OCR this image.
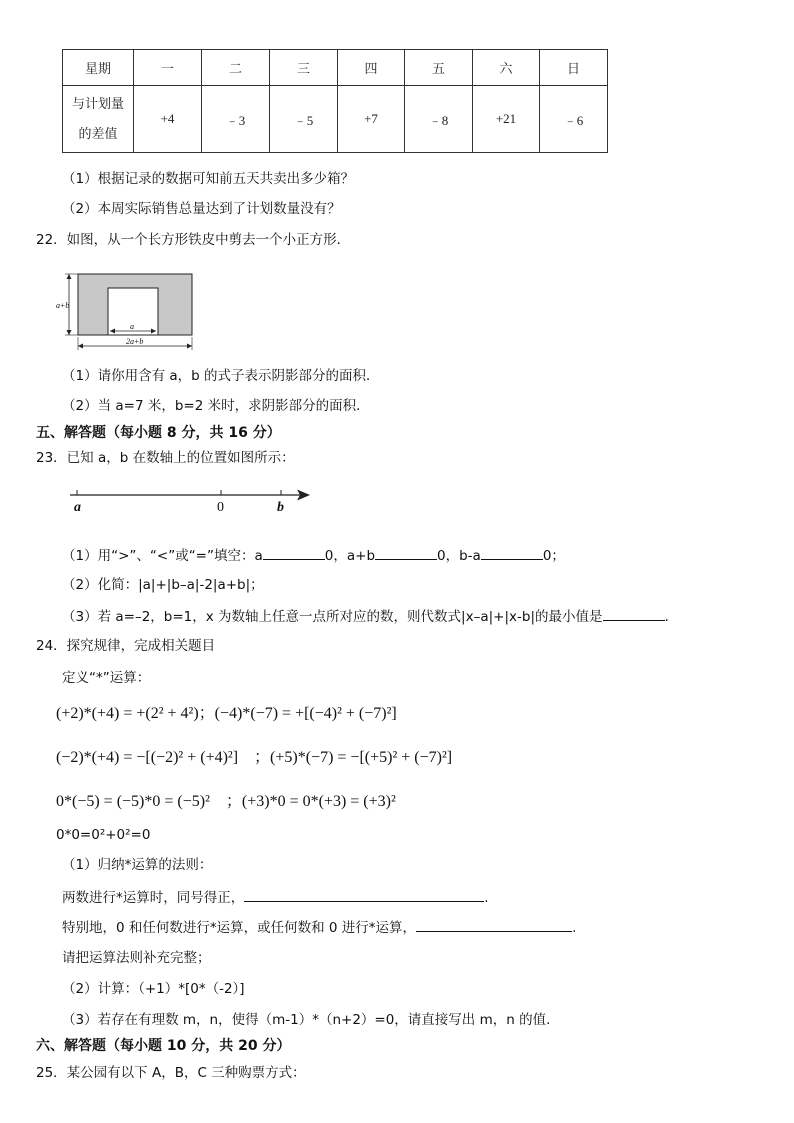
星期	一	二	三	四	五	六	日

与计划量
的差值	+4	﹣3	﹣5	+7	﹣8	+21	﹣6
（1）根据记录的数据可知前五天共卖出多少箱？
（2）本周实际销售总量达到了计划数量没有？
22．如图，从一个长方形铁皮中剪去一个小正方形．
a+b
a
2a+b
（1）请你用含有 a，b 的式子表示阴影部分的面积．
（2）当 a=7 米，b=2 米时，求阴影部分的面积．
五、解答题（每小题 8 分，共 16 分）
23．已知 a，b 在数轴上的位置如图所示：
a	0	b
（1）用“>”、“<”或“=”填空：a	0，a+b	0，b-a	0；
（2）化简：|a|+|b–a|-2|a+b|；
（3）若 a=–2，b=1，x 为数轴上任意一点所对应的数，则代数式|x–a|+|x-b|的最小值是	.
24．探究规律，完成相关题目
定义“*”运算：
(+2)*(+4) = +(2² + 4²)；(−4)*(−7) = +[(−4)² + (−7)²]
(−2)*(+4) = −[(−2)² + (+4)²]　；(+5)*(−7) = −[(+5)² + (−7)²]
0*(−5) = (−5)*0 = (−5)²　；(+3)*0 = 0*(+3) = (+3)²
0*0=0²+0²=0
（1）归纳*运算的法则：
两数进行*运算时，同号得正，	.
特别地，0 和任何数进行*运算，或任何数和 0 进行*运算，	.
请把运算法则补充完整；
（2）计算：（+1）*[0*（-2）]
（3）若存在有理数 m，n，使得（m-1）*（n+2）=0，请直接写出 m，n 的值.
六、解答题（每小题 10 分，共 20 分）
25．某公园有以下 A，B，C 三种购票方式：
